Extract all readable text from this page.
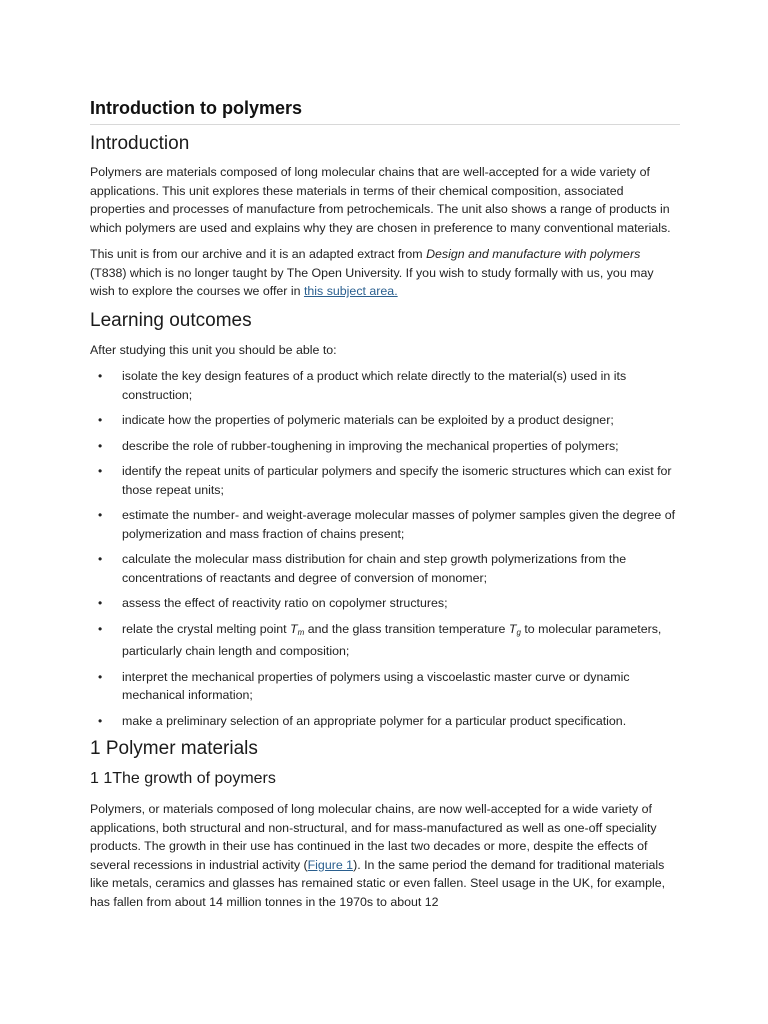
Introduction to polymers
Introduction

Polymers are materials composed of long molecular chains that are well-accepted for a wide variety of applications. This unit explores these materials in terms of their chemical composition, associated properties and processes of manufacture from petrochemicals. The unit also shows a range of products in which polymers are used and explains why they are chosen in preference to many conventional materials.

This unit is from our archive and it is an adapted extract from Design and manufacture with polymers (T838) which is no longer taught by The Open University. If you wish to study formally with us, you may wish to explore the courses we offer in this subject area.

Learning outcomes

After studying this unit you should be able to:

• isolate the key design features of a product which relate directly to the material(s) used in its construction;
• indicate how the properties of polymeric materials can be exploited by a product designer;
• describe the role of rubber-toughening in improving the mechanical properties of polymers;
• identify the repeat units of particular polymers and specify the isomeric structures which can exist for those repeat units;
• estimate the number- and weight-average molecular masses of polymer samples given the degree of polymerization and mass fraction of chains present;
• calculate the molecular mass distribution for chain and step growth polymerizations from the concentrations of reactants and degree of conversion of monomer;
• assess the effect of reactivity ratio on copolymer structures;
• relate the crystal melting point $T_m$ and the glass transition temperature $T_g$ to molecular parameters, particularly chain length and composition;
• interpret the mechanical properties of polymers using a viscoelastic master curve or dynamic mechanical information;
• make a preliminary selection of an appropriate polymer for a particular product specification.
1 Polymer materials
1 1The growth of poymers

Polymers, or materials composed of long molecular chains, are now well-accepted for a wide variety of applications, both structural and non-structural, and for mass-manufactured as well as one-off speciality products. The growth in their use has continued in the last two decades or more, despite the effects of several recessions in industrial activity (Figure 1). In the same period the demand for traditional materials like metals, ceramics and glasses has remained static or even fallen. Steel usage in the UK, for example, has fallen from about 14 million tonnes in the 1970s to about 12
